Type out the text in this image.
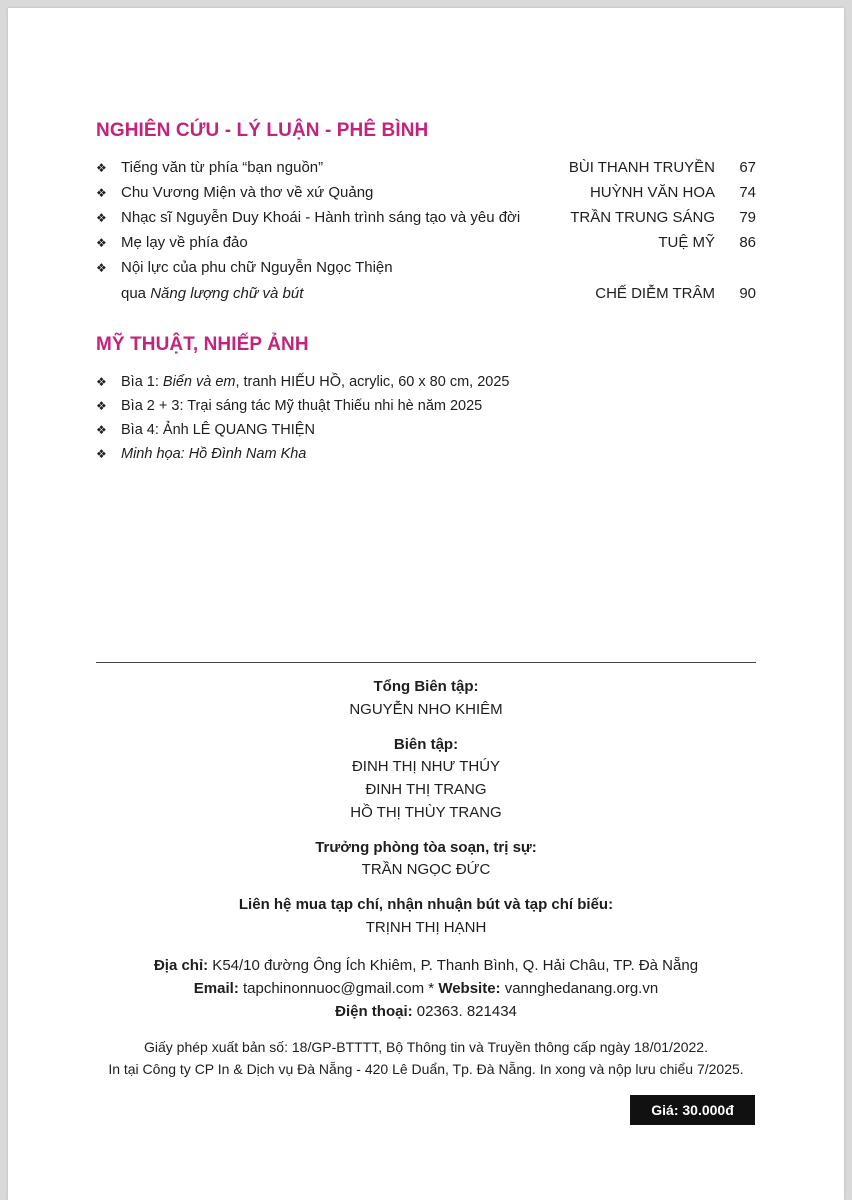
NGHIÊN CỨU - LÝ LUẬN - PHÊ BÌNH
❖ Tiếng văn từ phía “bạn nguồn”	BÙI THANH TRUYỀN 67
❖ Chu Vương Miện và thơ về xứ Quảng	HUỲNH VĂN HOA 74
❖ Nhạc sĩ Nguyễn Duy Khoái - Hành trình sáng tạo và yêu đời	TRẦN TRUNG SÁNG 79
❖ Mẹ lạy về phía đảo	TUỆ MỸ 86
❖ Nội lực của phu chữ Nguyễn Ngọc Thiện
qua Năng lượng chữ và bút	CHẾ DIỄM TRÂM 90
MỸ THUẬT, NHIẾP ẢNH
❖ Bìa 1: Biển và em, tranh HIẾU HỒ, acrylic, 60 x 80 cm, 2025
❖ Bìa 2 + 3: Trại sáng tác Mỹ thuật Thiếu nhi hè năm 2025
❖ Bìa 4: Ảnh LÊ QUANG THIỆN
❖ Minh họa: Hồ Đình Nam Kha
Tổng Biên tập:
NGUYỄN NHO KHIÊM
Biên tập:
ĐINH THỊ NHƯ THÚY
ĐINH THỊ TRANG
HỒ THỊ THÙY TRANG
Trưởng phòng tòa soạn, trị sự:
TRẦN NGỌC ĐỨC
Liên hệ mua tạp chí, nhận nhuận bút và tạp chí biếu:
TRỊNH THỊ HẠNH
Địa chỉ: K54/10 đường Ông Ích Khiêm, P. Thanh Bình, Q. Hải Châu, TP. Đà Nẵng
Email: tapchinonnuoc@gmail.com * Website: vannghedanang.org.vn
Điện thoại: 02363. 821434
Giấy phép xuất bản số: 18/GP-BTTTT, Bộ Thông tin và Truyền thông cấp ngày 18/01/2022.
In tại Công ty CP In & Dịch vụ Đà Nẵng - 420 Lê Duẩn, Tp. Đà Nẵng. In xong và nộp lưu chiểu 7/2025.
Giá: 30.000đ
